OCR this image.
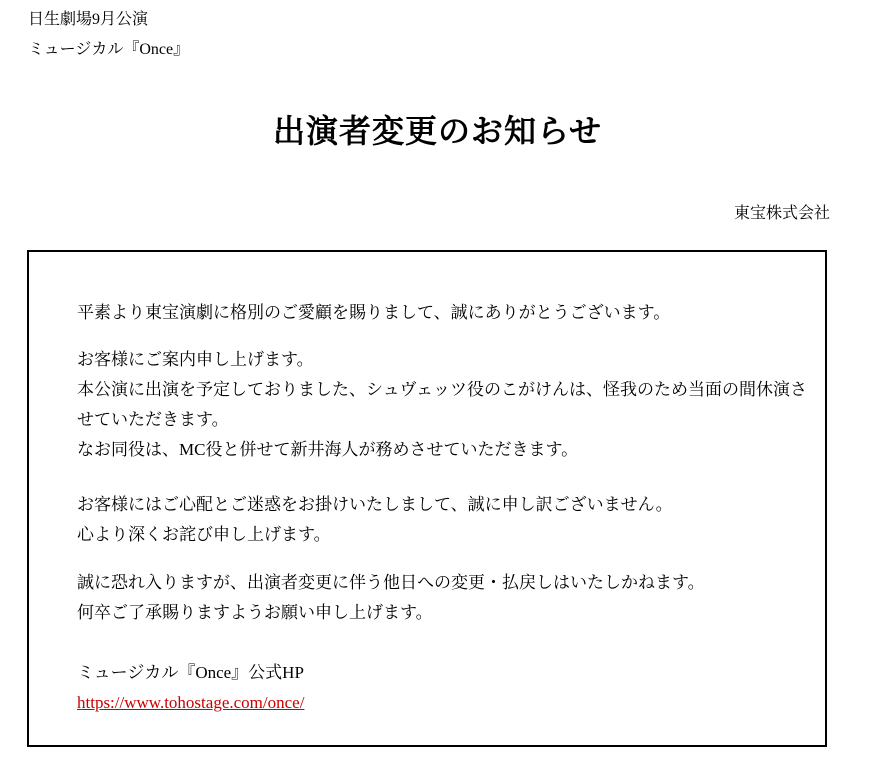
日生劇場9月公演
ミュージカル『Once』
出演者変更のお知らせ
東宝株式会社

平素より東宝演劇に格別のご愛顧を賜りまして、誠にありがとうございます。

お客様にご案内申し上げます。
本公演に出演を予定しておりました、シュヴェッツ役のこがけんは、怪我のため当面の間休演さ
せていただきます。
なお同役は、MC役と併せて新井海人が務めさせていただきます。

お客様にはご心配とご迷惑をお掛けいたしまして、誠に申し訳ございません。
心より深くお詫び申し上げます。

誠に恐れ入りますが、出演者変更に伴う他日への変更・払戻しはいたしかねます。
何卒ご了承賜りますようお願い申し上げます。

ミュージカル『Once』公式HP
https://www.tohostage.com/once/
